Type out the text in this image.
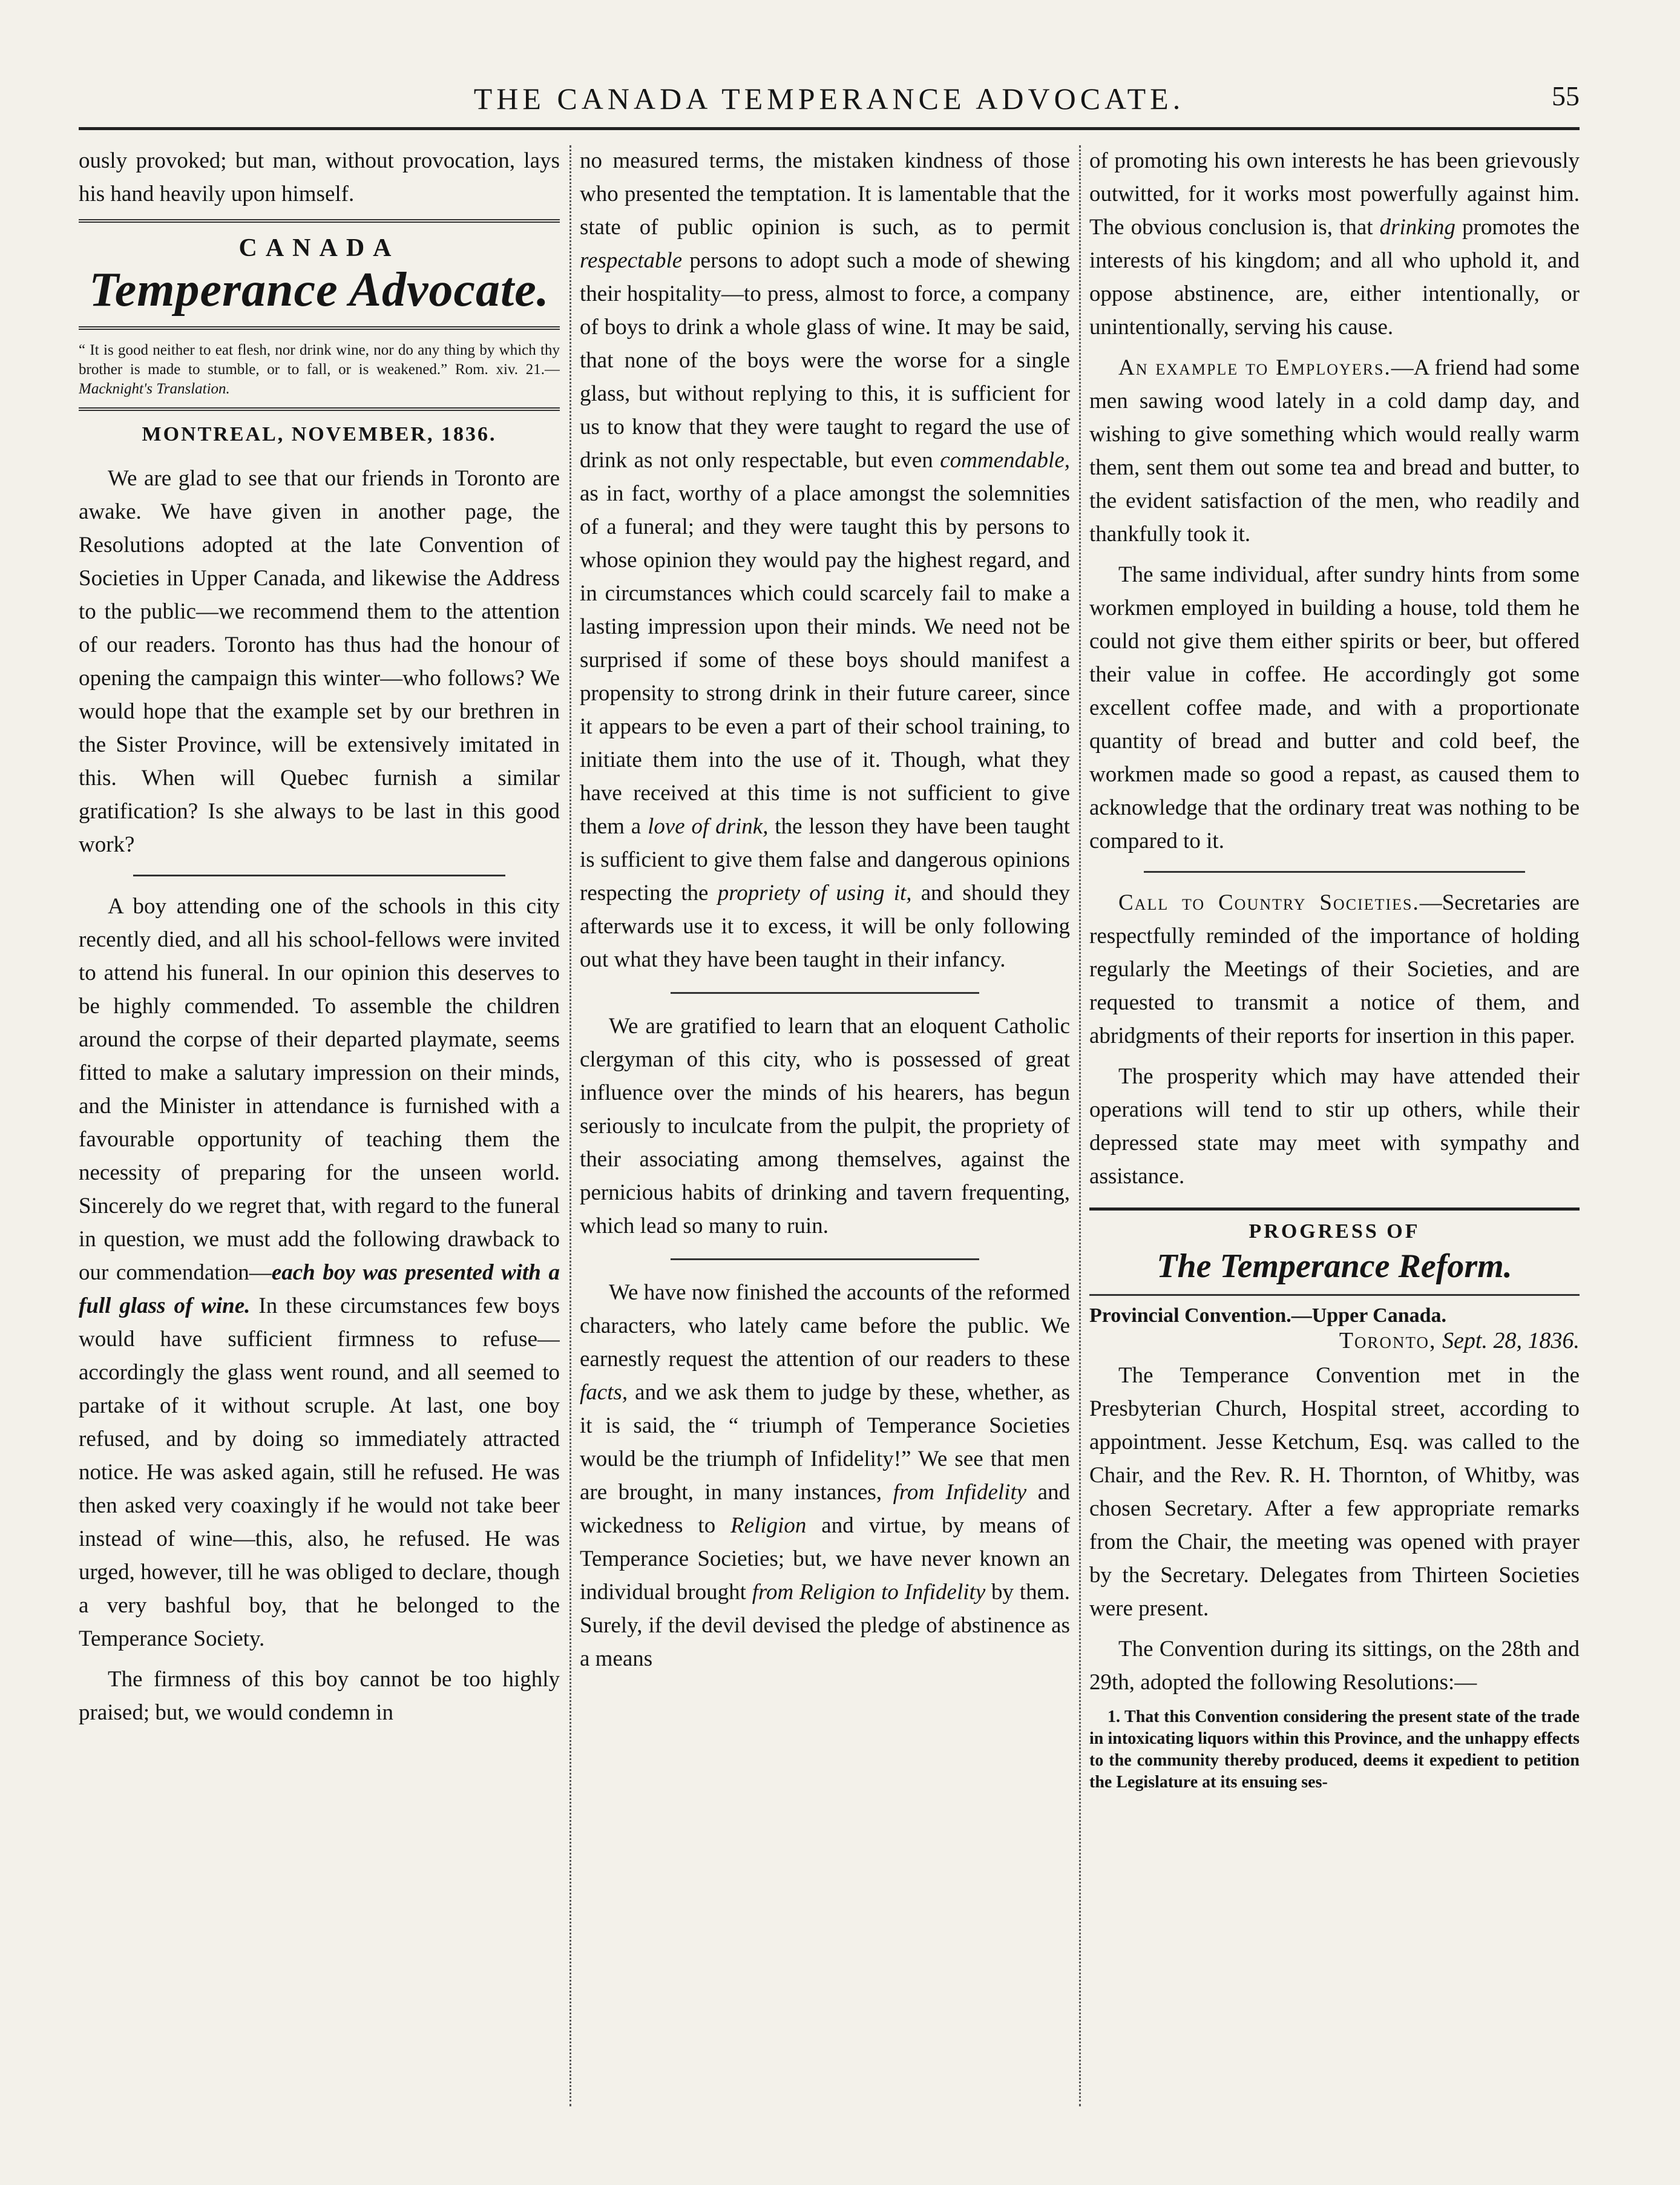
THE CANADA TEMPERANCE ADVOCATE.	55

ously provoked; but man, without provocation, lays his hand heavily upon himself.

CANADA
Temperance Advocate.
“ It is good neither to eat flesh, nor drink wine, nor do any thing by which thy brother is made to stumble, or to fall, or is weakened.” Rom. xiv. 21.— Macknight's Translation.
MONTREAL, NOVEMBER, 1836.

We are glad to see that our friends in Toronto are awake. We have given in another page, the Resolutions adopted at the late Convention of Societies in Upper Canada, and likewise the Address to the public—we recommend them to the attention of our readers. Toronto has thus had the honour of opening the campaign this winter—who follows? We would hope that the example set by our brethren in the Sister Province, will be extensively imitated in this. When will Quebec furnish a similar gratification? Is she always to be last in this good work?

A boy attending one of the schools in this city recently died, and all his school-fellows were invited to attend his funeral. In our opinion this deserves to be highly commended. To assemble the children around the corpse of their departed playmate, seems fitted to make a salutary impression on their minds, and the Minister in attendance is furnished with a favourable opportunity of teaching them the necessity of preparing for the unseen world. Sincerely do we regret that, with regard to the funeral in question, we must add the following drawback to our commendation—each boy was presented with a full glass of wine. In these circumstances few boys would have sufficient firmness to refuse—accordingly the glass went round, and all seemed to partake of it without scruple. At last, one boy refused, and by doing so immediately attracted notice. He was asked again, still he refused. He was then asked very coaxingly if he would not take beer instead of wine—this, also, he refused. He was urged, however, till he was obliged to declare, though a very bashful boy, that he belonged to the Temperance Society.

The firmness of this boy cannot be too highly praised; but, we would condemn in

no measured terms, the mistaken kindness of those who presented the temptation. It is lamentable that the state of public opinion is such, as to permit respectable persons to adopt such a mode of shewing their hospitality—to press, almost to force, a company of boys to drink a whole glass of wine. It may be said, that none of the boys were the worse for a single glass, but without replying to this, it is sufficient for us to know that they were taught to regard the use of drink as not only respectable, but even commendable, as in fact, worthy of a place amongst the solemnities of a funeral; and they were taught this by persons to whose opinion they would pay the highest regard, and in circumstances which could scarcely fail to make a lasting impression upon their minds. We need not be surprised if some of these boys should manifest a propensity to strong drink in their future career, since it appears to be even a part of their school training, to initiate them into the use of it. Though, what they have received at this time is not sufficient to give them a love of drink, the lesson they have been taught is sufficient to give them false and dangerous opinions respecting the propriety of using it, and should they afterwards use it to excess, it will be only following out what they have been taught in their infancy.

We are gratified to learn that an eloquent Catholic clergyman of this city, who is possessed of great influence over the minds of his hearers, has begun seriously to inculcate from the pulpit, the propriety of their associating among themselves, against the pernicious habits of drinking and tavern frequenting, which lead so many to ruin.

We have now finished the accounts of the reformed characters, who lately came before the public. We earnestly request the attention of our readers to these facts, and we ask them to judge by these, whether, as it is said, the “ triumph of Temperance Societies would be the triumph of Infidelity!” We see that men are brought, in many instances, from Infidelity and wickedness to Religion and virtue, by means of Temperance Societies; but, we have never known an individual brought from Religion to Infidelity by them. Surely, if the devil devised the pledge of abstinence as a means

of promoting his own interests he has been grievously outwitted, for it works most powerfully against him. The obvious conclusion is, that drinking promotes the interests of his kingdom; and all who uphold it, and oppose abstinence, are, either intentionally, or unintentionally, serving his cause.

An example to Employers.—A friend had some men sawing wood lately in a cold damp day, and wishing to give something which would really warm them, sent them out some tea and bread and butter, to the evident satisfaction of the men, who readily and thankfully took it.

The same individual, after sundry hints from some workmen employed in building a house, told them he could not give them either spirits or beer, but offered their value in coffee. He accordingly got some excellent coffee made, and with a proportionate quantity of bread and butter and cold beef, the workmen made so good a repast, as caused them to acknowledge that the ordinary treat was nothing to be compared to it.

Call to Country Societies.—Secretaries are respectfully reminded of the importance of holding regularly the Meetings of their Societies, and are requested to transmit a notice of them, and abridgments of their reports for insertion in this paper.

The prosperity which may have attended their operations will tend to stir up others, while their depressed state may meet with sympathy and assistance.

PROGRESS OF
The Temperance Reform.
Provincial Convention.—Upper Canada.
Toronto, Sept. 28, 1836.

The Temperance Convention met in the Presbyterian Church, Hospital street, according to appointment. Jesse Ketchum, Esq. was called to the Chair, and the Rev. R. H. Thornton, of Whitby, was chosen Secretary. After a few appropriate remarks from the Chair, the meeting was opened with prayer by the Secretary. Delegates from Thirteen Societies were present.

The Convention during its sittings, on the 28th and 29th, adopted the following Resolutions:—

1. That this Convention considering the present state of the trade in intoxicating liquors within this Province, and the unhappy effects to the community thereby produced, deems it expedient to petition the Legislature at its ensuing ses-
